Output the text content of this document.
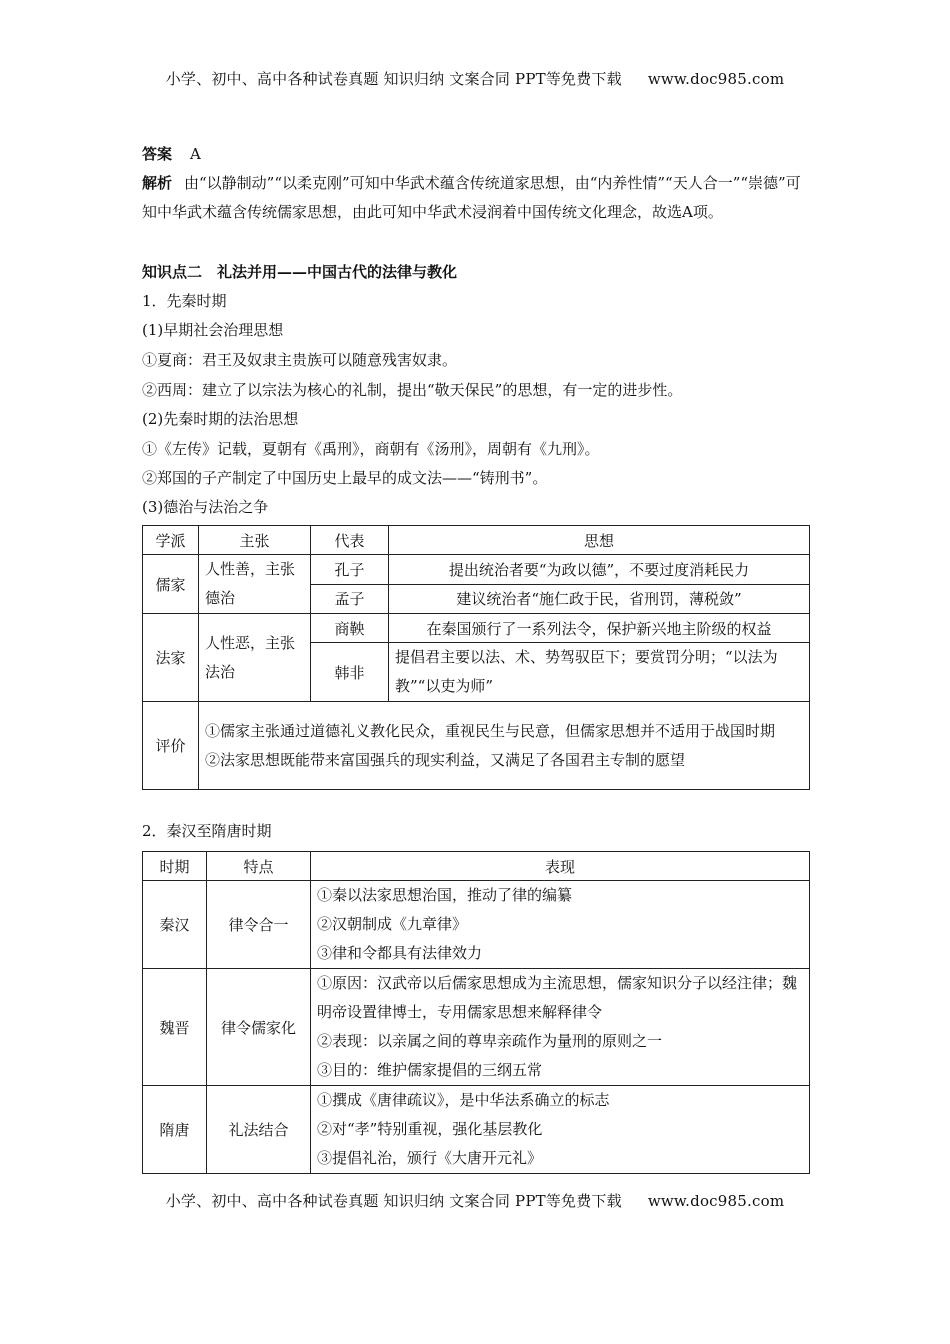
小学、初中、高中各种试卷真题 知识归纳 文案合同 PPT等免费下载 www.doc985.com
答案 A
解析 由“以静制动”“以柔克刚”可知中华武术蕴含传统道家思想，由“内养性情”“天人合一”“崇德”可知中华武术蕴含传统儒家思想，由此可知中华武术浸润着中国传统文化理念，故选A项。
知识点二　礼法并用——中国古代的法律与教化
1．先秦时期
(1)早期社会治理思想
①夏商：君王及奴隶主贵族可以随意残害奴隶。
②西周：建立了以宗法为核心的礼制，提出“敬天保民”的思想，有一定的进步性。
(2)先秦时期的法治思想
①《左传》记载，夏朝有《禹刑》，商朝有《汤刑》，周朝有《九刑》。
②郑国的子产制定了中国历史上最早的成文法——“铸刑书”。
(3)德治与法治之争
学派	主张	代表	思想
儒家	人性善，主张德治	孔子	提出统治者要“为政以德”，不要过度消耗民力
		孟子	建议统治者“施仁政于民，省刑罚，薄税敛”
法家	人性恶，主张法治	商鞅	在秦国颁行了一系列法令，保护新兴地主阶级的权益
		韩非	提倡君主要以法、术、势驾驭臣下；要赏罚分明；“以法为教”“以吏为师”
评价	①儒家主张通过道德礼义教化民众，重视民生与民意，但儒家思想并不适用于战国时期
②法家思想既能带来富国强兵的现实利益，又满足了各国君主专制的愿望		
2．秦汉至隋唐时期
时期	特点	表现
秦汉	律令合一	①秦以法家思想治国，推动了律的编纂
②汉朝制成《九章律》
③律和令都具有法律效力

魏晋	律令儒家化	①原因：汉武帝以后儒家思想成为主流思想，儒家知识分子以经注律；魏明帝设置律博士，专用儒家思想来解释律令
②表现：以亲属之间的尊卑亲疏作为量刑的原则之一
③目的：维护儒家提倡的三纲五常

隋唐	礼法结合	①撰成《唐律疏议》，是中华法系确立的标志
②对“孝”特别重视，强化基层教化
③提倡礼治，颁行《大唐开元礼》
小学、初中、高中各种试卷真题 知识归纳 文案合同 PPT等免费下载 www.doc985.com
